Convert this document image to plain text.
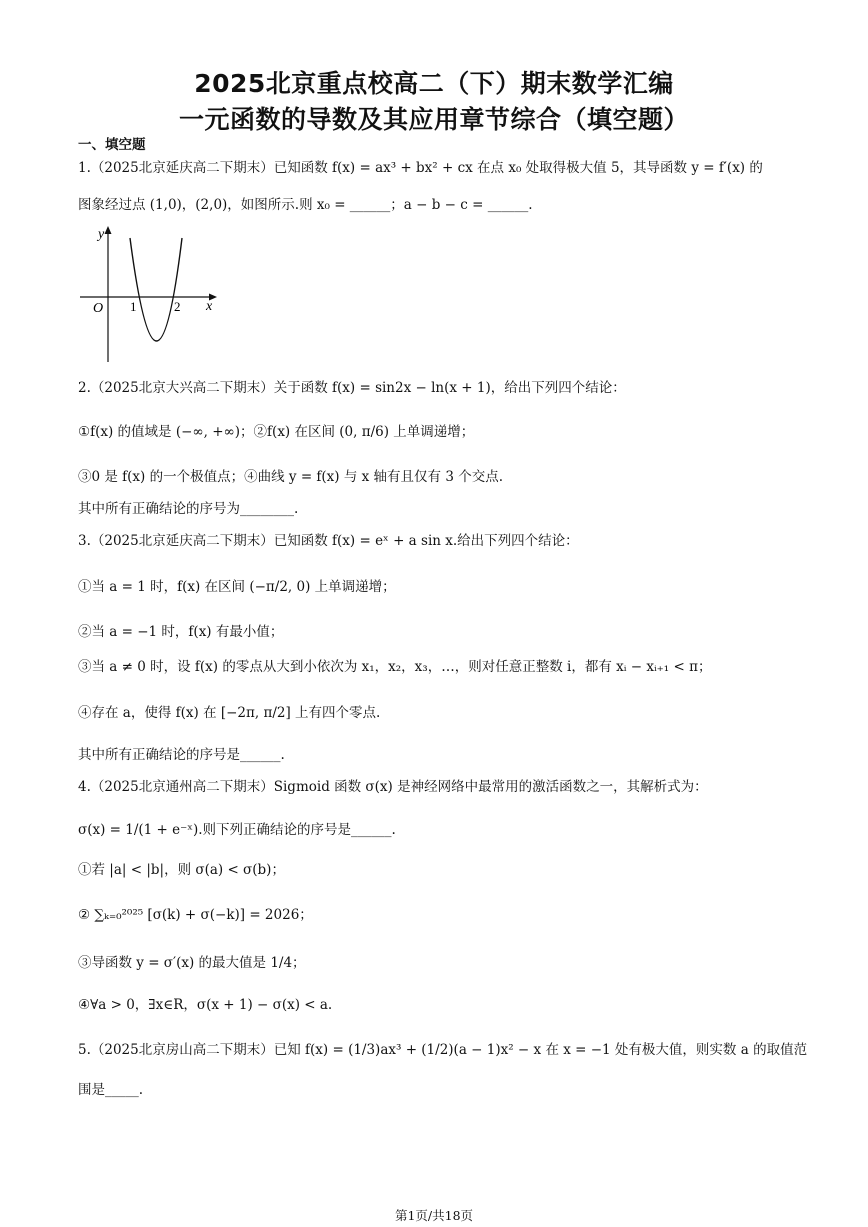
2025北京重点校高二（下）期末数学汇编
一元函数的导数及其应用章节综合（填空题）
一、填空题
1.（2025北京延庆高二下期末）已知函数 f(x) = ax³ + bx² + cx 在点 x₀ 处取得极大值 5，其导函数 y = f′(x) 的
图象经过点 (1,0)，(2,0)，如图所示.则 x₀ = ______；a − b − c = ______.
y
x
O 1	2
2.（2025北京大兴高二下期末）关于函数 f(x) = sin2x − ln(x + 1)，给出下列四个结论：
①f(x) 的值域是 (−∞, +∞)；②f(x) 在区间 (0, π/6) 上单调递增；
③0 是 f(x) 的一个极值点；④曲线 y = f(x) 与 x 轴有且仅有 3 个交点.
其中所有正确结论的序号为________.
3.（2025北京延庆高二下期末）已知函数 f(x) = eˣ + a sin x.给出下列四个结论：
①当 a = 1 时，f(x) 在区间 (−π/2, 0) 上单调递增；
②当 a = −1 时，f(x) 有最小值；
③当 a ≠ 0 时，设 f(x) 的零点从大到小依次为 x₁，x₂，x₃，…，则对任意正整数 i，都有 xᵢ − xᵢ₊₁ < π；
④存在 a，使得 f(x) 在 [−2π, π/2] 上有四个零点.
其中所有正确结论的序号是______.
4.（2025北京通州高二下期末）Sigmoid 函数 σ(x) 是神经网络中最常用的激活函数之一，其解析式为：
σ(x) = 1/(1 + e⁻ˣ).则下列正确结论的序号是______.
①若 |a| < |b|，则 σ(a) < σ(b)；
② ∑ₖ₌₀²⁰²⁵ [σ(k) + σ(−k)] = 2026；
③导函数 y = σ′(x) 的最大值是 1/4；
④∀a > 0，∃x∈R，σ(x + 1) − σ(x) < a.
5.（2025北京房山高二下期末）已知 f(x) = (1/3)ax³ + (1/2)(a − 1)x² − x 在 x = −1 处有极大值，则实数 a 的取值范
围是_____.
第1页/共18页
